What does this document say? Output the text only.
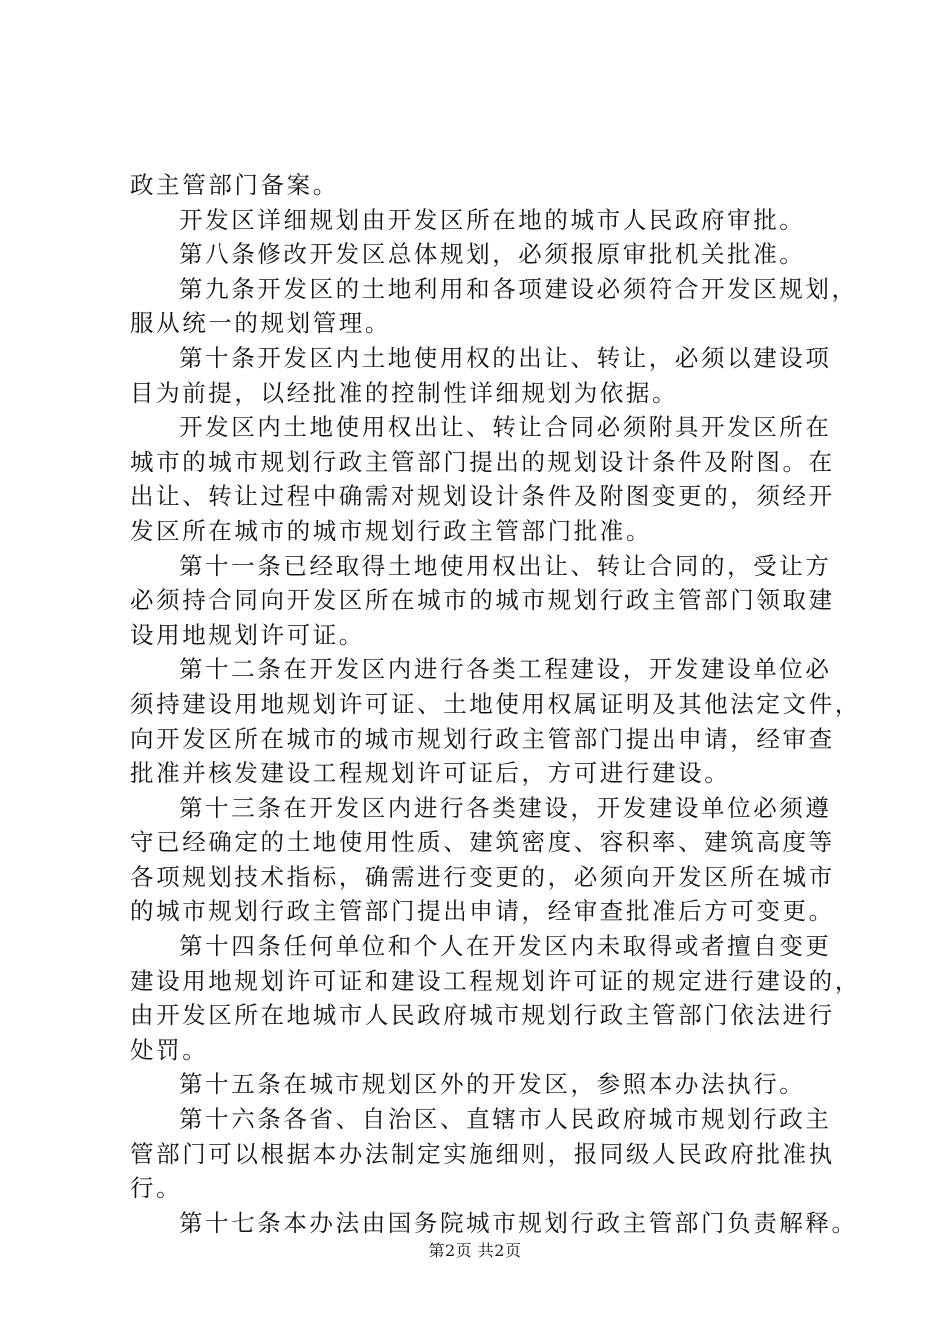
政主管部门备案。
开发区详细规划由开发区所在地的城市人民政府审批。
第八条修改开发区总体规划，必须报原审批机关批准。
第九条开发区的土地利用和各项建设必须符合开发区规划，
服从统一的规划管理。
第十条开发区内土地使用权的出让、转让，必须以建设项
目为前提，以经批准的控制性详细规划为依据。
开发区内土地使用权出让、转让合同必须附具开发区所在
城市的城市规划行政主管部门提出的规划设计条件及附图。在
出让、转让过程中确需对规划设计条件及附图变更的，须经开
发区所在城市的城市规划行政主管部门批准。
第十一条已经取得土地使用权出让、转让合同的，受让方
必须持合同向开发区所在城市的城市规划行政主管部门领取建
设用地规划许可证。
第十二条在开发区内进行各类工程建设，开发建设单位必
须持建设用地规划许可证、土地使用权属证明及其他法定文件，
向开发区所在城市的城市规划行政主管部门提出申请，经审查
批准并核发建设工程规划许可证后，方可进行建设。
第十三条在开发区内进行各类建设，开发建设单位必须遵
守已经确定的土地使用性质、建筑密度、容积率、建筑高度等
各项规划技术指标，确需进行变更的，必须向开发区所在城市
的城市规划行政主管部门提出申请，经审查批准后方可变更。
第十四条任何单位和个人在开发区内未取得或者擅自变更
建设用地规划许可证和建设工程规划许可证的规定进行建设的，
由开发区所在地城市人民政府城市规划行政主管部门依法进行
处罚。
第十五条在城市规划区外的开发区，参照本办法执行。
第十六条各省、自治区、直辖市人民政府城市规划行政主
管部门可以根据本办法制定实施细则，报同级人民政府批准执
行。
第十七条本办法由国务院城市规划行政主管部门负责解释。
第2页 共2页
